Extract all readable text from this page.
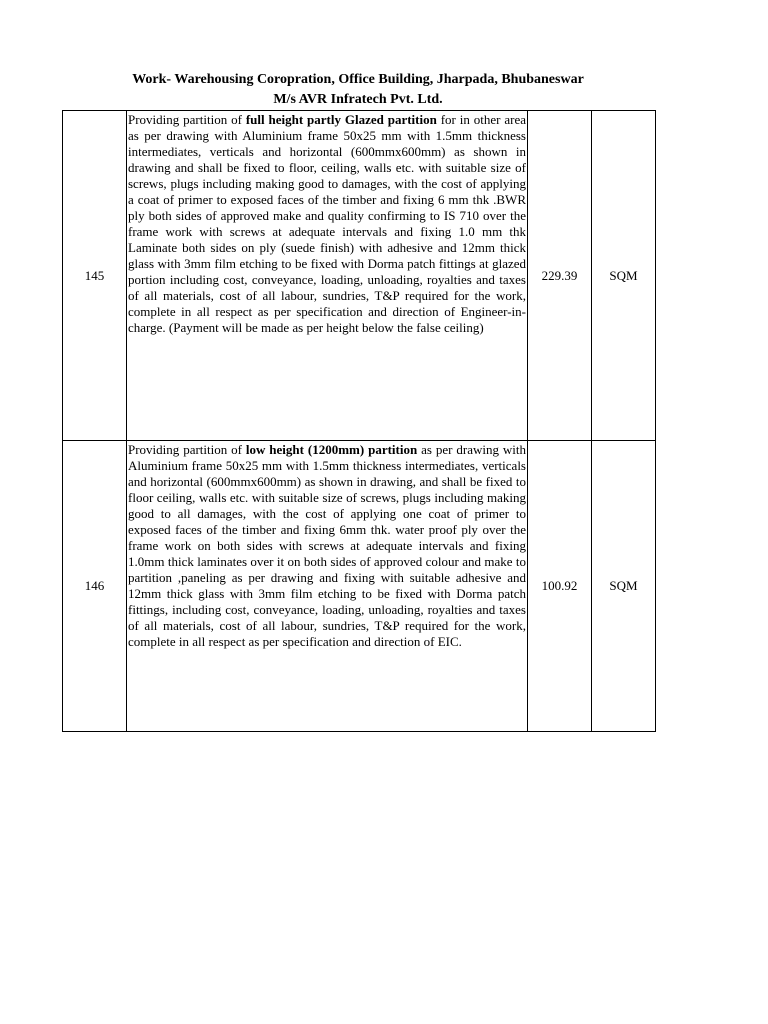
Work- Warehousing Coropration, Office Building, Jharpada, Bhubaneswar
M/s AVR Infratech Pvt. Ltd.
145	Providing partition of full height partly Glazed partition for in other area as per drawing with Aluminium frame 50x25 mm with 1.5mm thickness intermediates, verticals and horizontal (600mmx600mm) as shown in drawing and shall be fixed to floor, ceiling, walls etc. with suitable size of screws, plugs including making good to damages, with the cost of applying a coat of primer to exposed faces of the timber and fixing 6 mm thk .BWR ply both sides of approved make and quality confirming to IS 710 over the frame work with screws at adequate intervals and fixing 1.0 mm thk Laminate both sides on ply (suede finish) with adhesive and 12mm thick glass with 3mm film etching to be fixed with Dorma patch fittings at glazed portion including cost, conveyance, loading, unloading, royalties and taxes of all materials, cost of all labour, sundries, T&P required for the work, complete in all respect as per specification and direction of Engineer-in-charge. (Payment will be made as per height below the false ceiling)	229.39	SQM
146	Providing partition of low height (1200mm) partition as per drawing with Aluminium frame 50x25 mm with 1.5mm thickness intermediates, verticals and horizontal (600mmx600mm) as shown in drawing, and shall be fixed to floor ceiling, walls etc. with suitable size of screws, plugs including making good to all damages, with the cost of applying one coat of primer to exposed faces of the timber and fixing 6mm thk. water proof ply over the frame work on both sides with screws at adequate intervals and fixing 1.0mm thick laminates over it on both sides of approved colour and make to partition ,paneling as per drawing and fixing with suitable adhesive and 12mm thick glass with 3mm film etching to be fixed with Dorma patch fittings, including cost, conveyance, loading, unloading, royalties and taxes of all materials, cost of all labour, sundries, T&P required for the work, complete in all respect as per specification and direction of EIC.	100.92	SQM
